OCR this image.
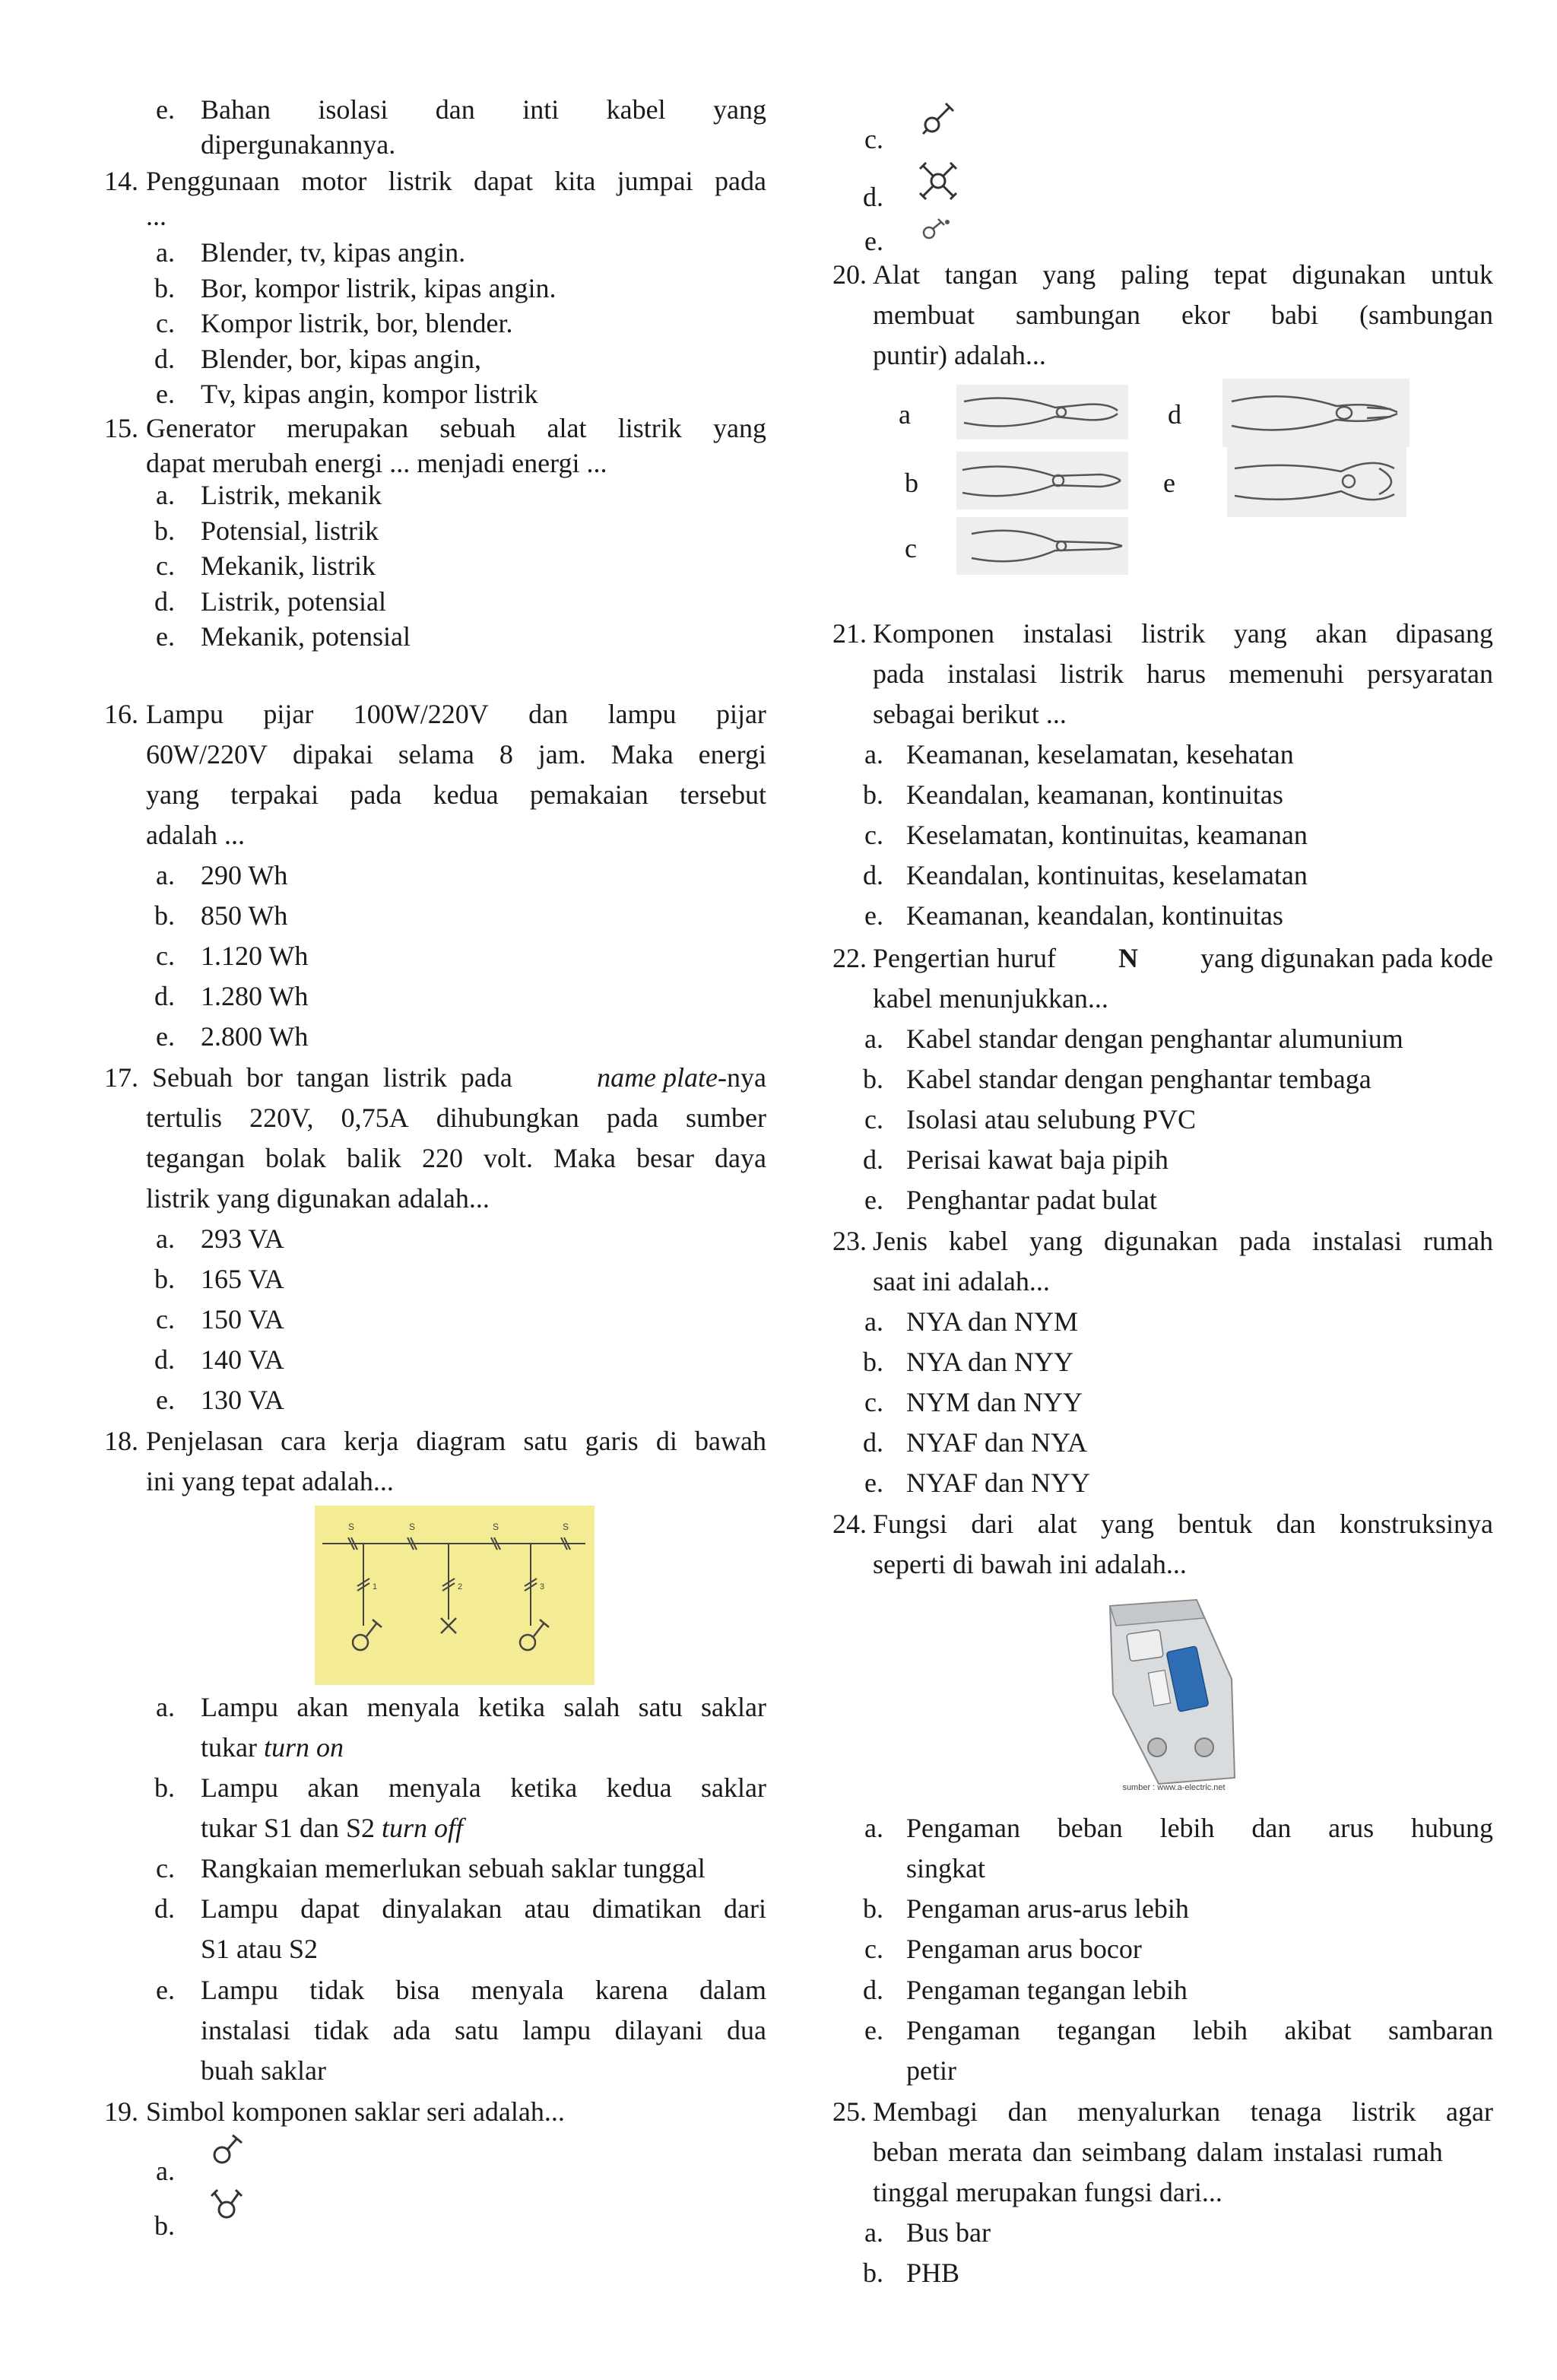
e. Bahan isolasi dan inti kabel yang
dipergunakannya.
14. Penggunaan motor listrik dapat kita jumpai pada
...
a. Blender, tv, kipas angin.
b. Bor, kompor listrik, kipas angin.
c. Kompor listrik, bor, blender.
d. Blender, bor, kipas angin,
e. Tv, kipas angin, kompor listrik
15. Generator merupakan sebuah alat listrik yang
dapat merubah energi ... menjadi energi ...
a. Listrik, mekanik
b. Potensial, listrik
c. Mekanik, listrik
d. Listrik, potensial
e. Mekanik, potensial
16. Lampu pijar 100W/220V dan lampu pijar
60W/220V dipakai selama 8 jam. Maka energi
yang terpakai pada kedua pemakaian tersebut
adalah ...
a. 290 Wh
b. 850 Wh
c. 1.120 Wh
d. 1.280 Wh
e. 2.800 Wh
17. Sebuah bor tangan listrik pada	name plate-nya
tertulis 220V, 0,75A dihubungkan pada sumber
tegangan bolak balik 220 volt. Maka besar daya
listrik yang digunakan adalah...
a. 293 VA
b. 165 VA
c. 150 VA
d. 140 VA
e. 130 VA
18. Penjelasan cara kerja diagram satu garis di bawah
ini yang tepat adalah...
S	S	S	S
1	2	3
a. Lampu akan menyala ketika salah satu saklar
tukar turn on
b. Lampu akan menyala ketika kedua saklar
tukar S1 dan S2 turn off
c. Rangkaian memerlukan sebuah saklar tunggal
d. Lampu dapat dinyalakan atau dimatikan dari
S1 atau S2
e. Lampu tidak bisa menyala karena dalam
instalasi tidak ada satu lampu dilayani dua
buah saklar
19. Simbol komponen saklar seri adalah...
a.
b.
c.
d.
e.
20. Alat tangan yang paling tepat digunakan untuk
membuat sambungan ekor babi (sambungan
puntir) adalah...
a	d
b	e
c
21. Komponen instalasi listrik yang akan dipasang
pada instalasi listrik harus memenuhi persyaratan
sebagai berikut ...
a. Keamanan, keselamatan, kesehatan
b. Keandalan, keamanan, kontinuitas
c. Keselamatan, kontinuitas, keamanan
d. Keandalan, kontinuitas, keselamatan
e. Keamanan, keandalan, kontinuitas
22. Pengertian huruf N yang digunakan pada kode
kabel menunjukkan...
a. Kabel standar dengan penghantar alumunium
b. Kabel standar dengan penghantar tembaga
c. Isolasi atau selubung PVC
d. Perisai kawat baja pipih
e. Penghantar padat bulat
23. Jenis kabel yang digunakan pada instalasi rumah
saat ini adalah...
a. NYA dan NYM
b. NYA dan NYY
c. NYM dan NYY
d. NYAF dan NYA
e. NYAF dan NYY
24. Fungsi dari alat yang bentuk dan konstruksinya
seperti di bawah ini adalah...
sumber : www.a-electric.net
a. Pengaman beban lebih dan arus hubung
singkat
b. Pengaman arus-arus lebih
c. Pengaman arus bocor
d. Pengaman tegangan lebih
e. Pengaman tegangan lebih akibat sambaran
petir
25. Membagi dan menyalurkan tenaga listrik agar
beban merata dan seimbang dalam instalasi rumah
tinggal merupakan fungsi dari...
a. Bus bar
b. PHB
